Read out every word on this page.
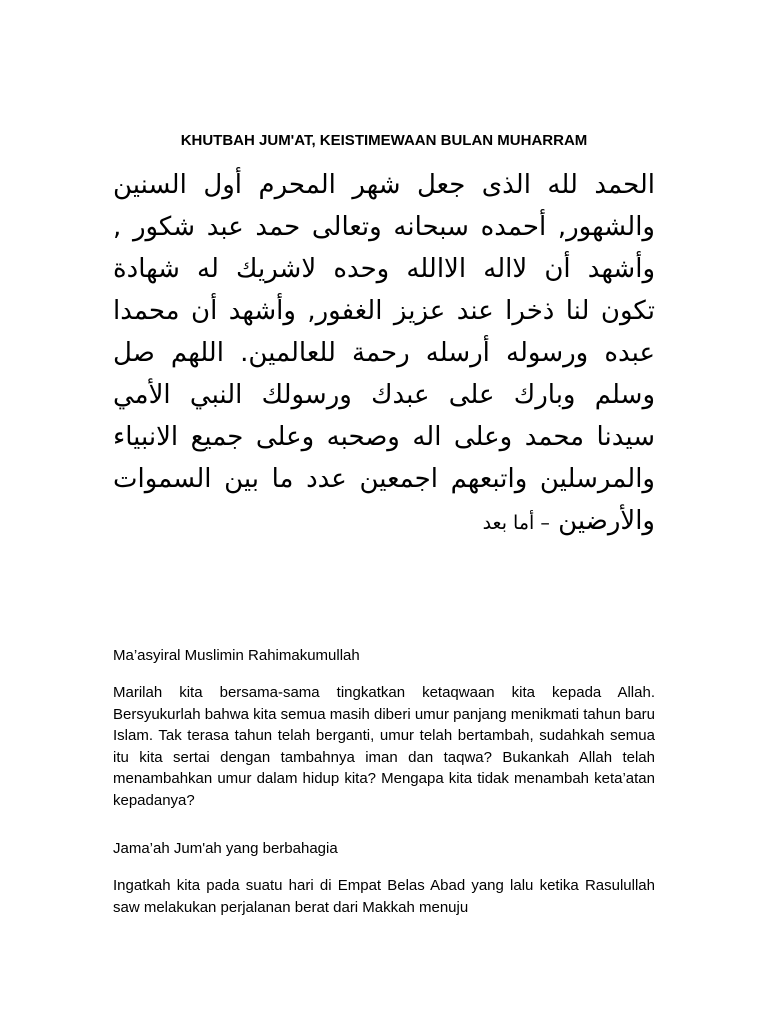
KHUTBAH JUM'AT, KEISTIMEWAAN BULAN MUHARRAM

الحمد لله الذى جعل شهر المحرم أول السنين والشهور, أحمده سبحانه وتعالى حمد عبد شكور , وأشهد أن لااله الاالله وحده لاشريك له شهادة تكون لنا ذخرا عند عزيز الغفور, وأشهد أن محمدا عبده ورسوله أرسله رحمة للعالمين. اللهم صل وسلم وبارك على عبدك ورسولك النبي الأمي سيدنا محمد وعلى اله وصحبه وعلى جميع الانبياء والمرسلين واتبعهم اجمعين عدد ما بين السموات والأرضين – أما بعد

Ma’asyiral Muslimin Rahimakumullah

Marilah kita bersama-sama tingkatkan ketaqwaan kita kepada Allah. Bersyukurlah bahwa kita semua masih diberi umur panjang menikmati tahun baru Islam. Tak terasa tahun telah berganti, umur telah bertambah, sudahkah semua itu kita sertai dengan tambahnya iman dan taqwa? Bukankah Allah telah menambahkan umur dalam hidup kita? Mengapa kita tidak menambah keta’atan kepadanya?

Jama’ah Jum'ah yang berbahagia

Ingatkah kita pada suatu hari di Empat Belas Abad yang lalu ketika Rasulullah saw melakukan perjalanan berat dari Makkah menuju
